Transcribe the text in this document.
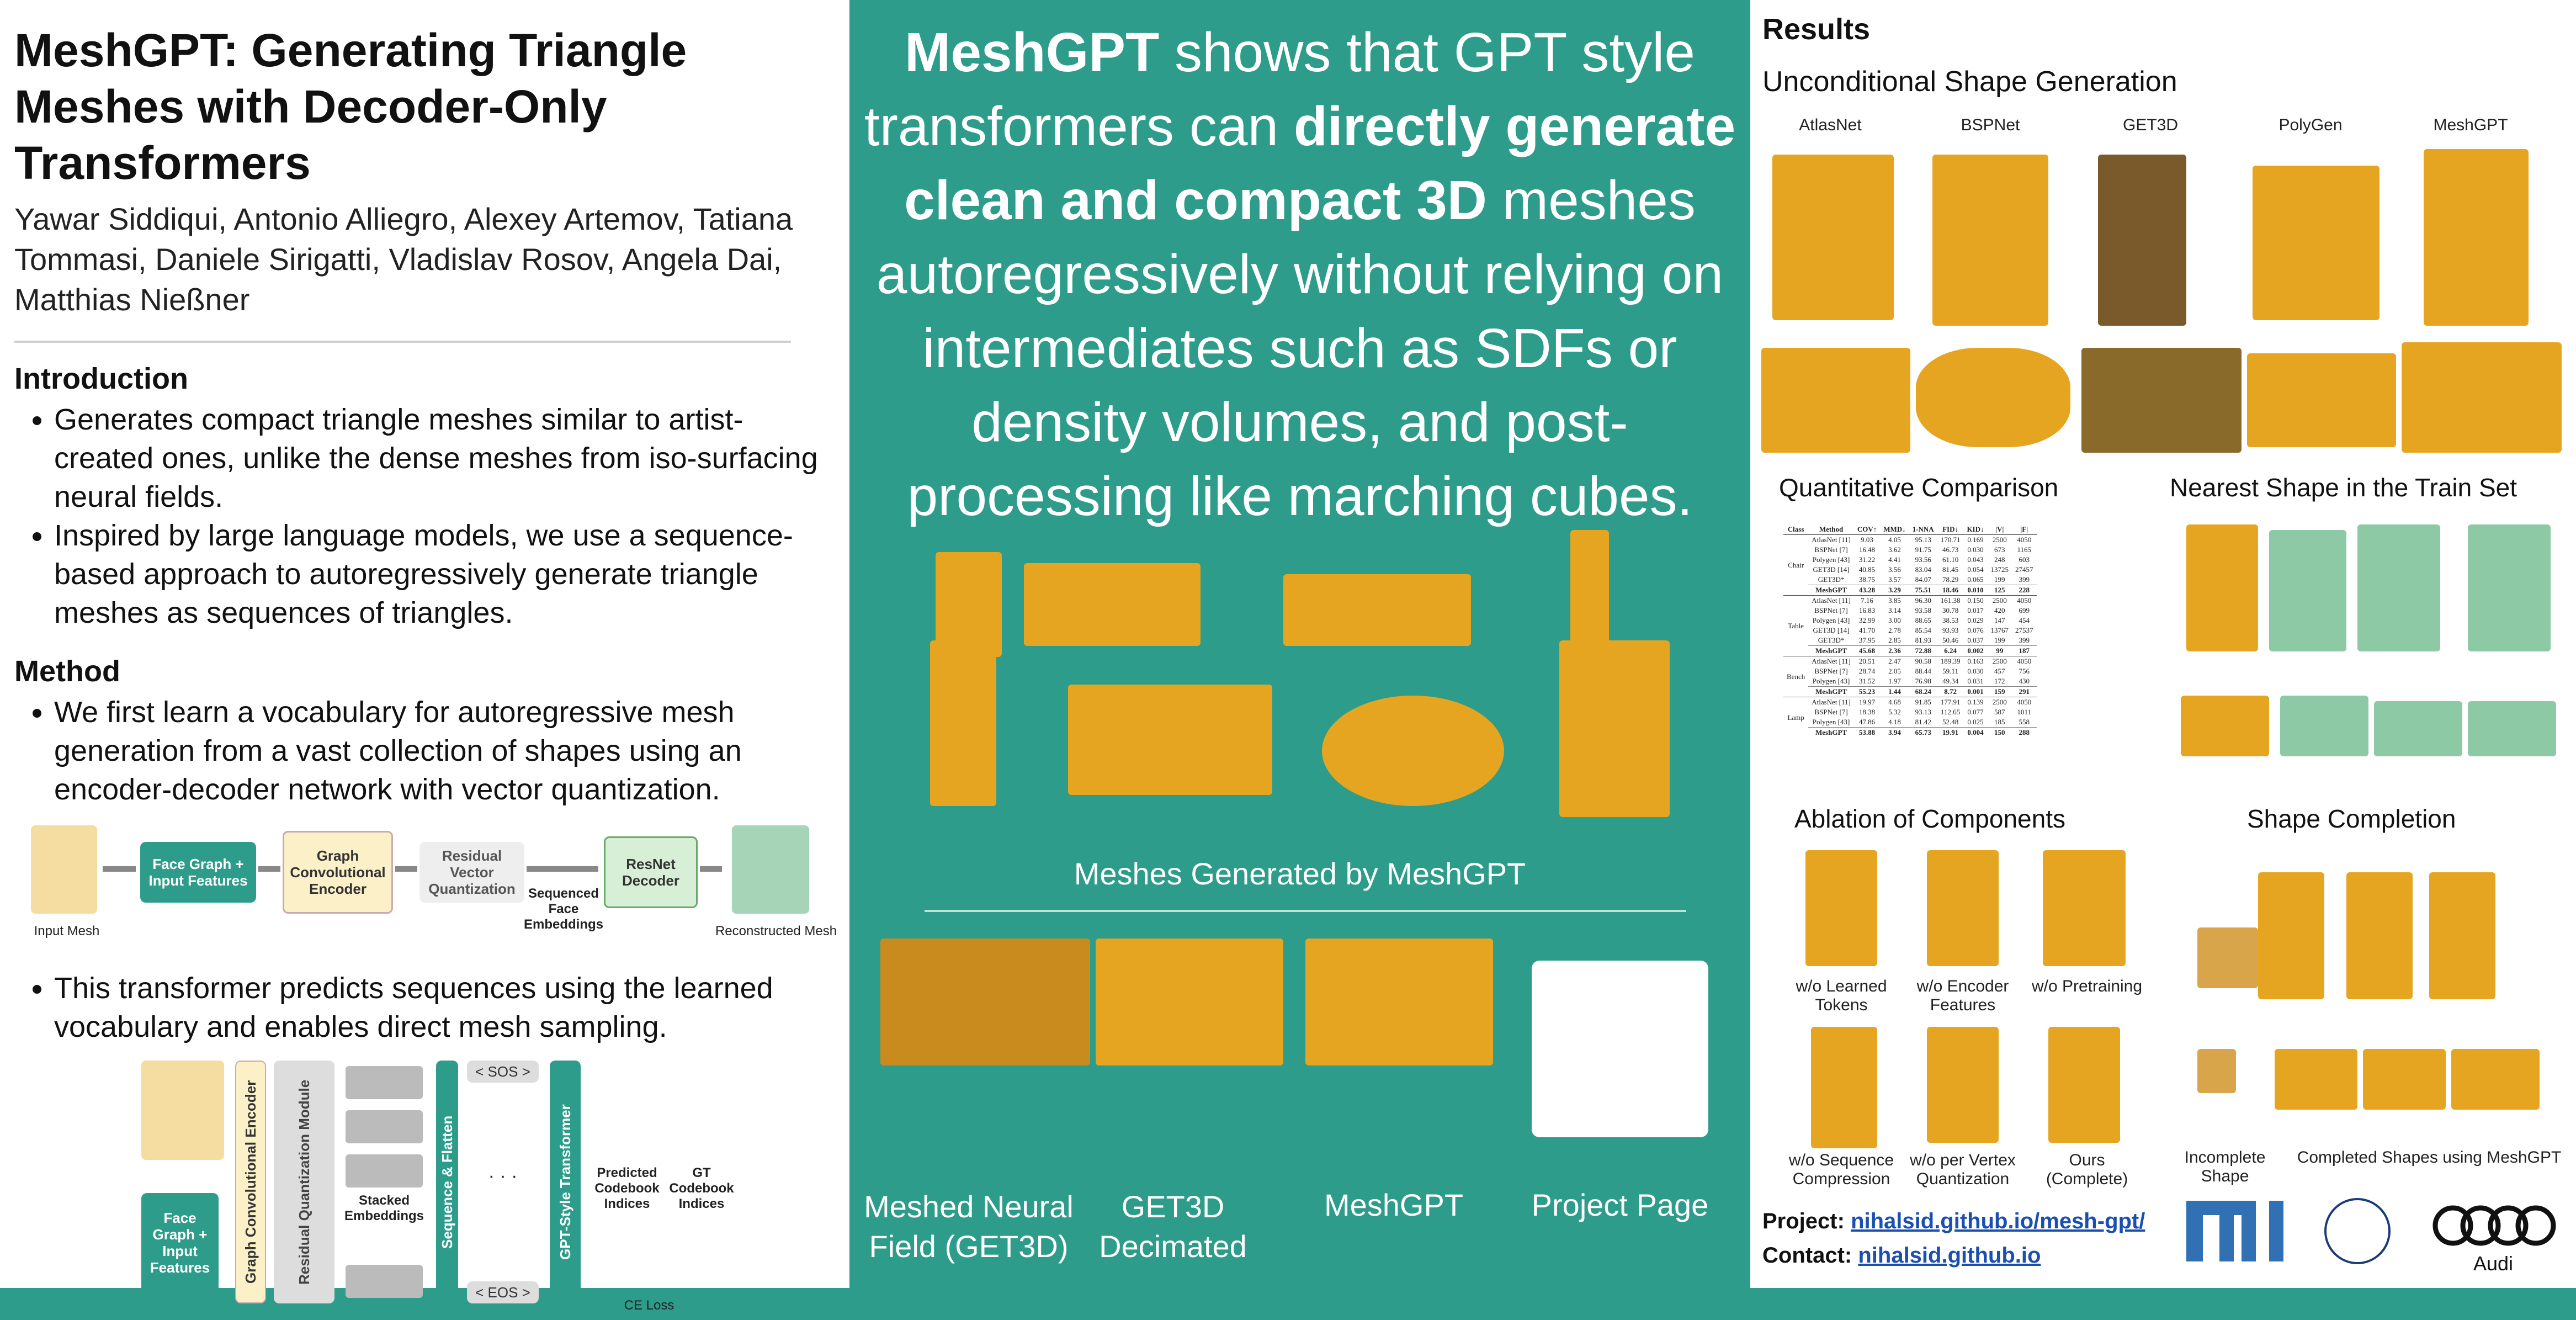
MeshGPT: Generating Triangle Meshes with Decoder-Only Transformers
Yawar Siddiqui, Antonio Alliegro, Alexey Artemov, Tatiana Tommasi, Daniele Sirigatti, Vladislav Rosov, Angela Dai, Matthias Nießner
Introduction
• Generates compact triangle meshes similar to artist-created ones, unlike the dense meshes from iso-surfacing neural fields.
• Inspired by large language models, we use a sequence-based approach to autoregressively generate triangle meshes as sequences of triangles.
Method
• We first learn a vocabulary for autoregressive mesh generation from a vast collection of shapes using an encoder-decoder network with vector quantization.
Input Mesh
Face Graph + Input Features
Graph Convolutional Encoder
Residual Vector Quantization Sequenced Face Embeddings
ResNet Decoder
Reconstructed Mesh
• This transformer predicts sequences using the learned vocabulary and enables direct mesh sampling.
Face Graph + Input Features	Graph Convolutional Encoder	Residual Quantization Module	Stacked Embeddings	Sequence & Flatten
< SOS >
· · ·
< EOS >
GPT-Style Transformer	Predicted Codebook Indices
GT Codebook Indices
CE Loss
MeshGPT shows that GPT style transformers can directly generate clean and compact 3D meshes autoregressively without relying on intermediates such as SDFs or density volumes, and post-processing like marching cubes.
Meshes Generated by MeshGPT
Meshed Neural Field (GET3D)
GET3D Decimated
MeshGPT	Project Page
Results
Unconditional Shape Generation
AtlasNet	BSPNet	GET3D	PolyGen	MeshGPT
Quantitative Comparison	Nearest Shape in the Train Set
Class	Method	COV↑	MMD↓	1-NNA	FID↓	KID↓	|V|	|F|
Chair	AtlasNet [11]	9.03	4.05	95.13	170.71	0.169	2500	4050
	BSPNet [7]	16.48	3.62	91.75	46.73	0.030	673	1165
	Polygen [43]	31.22	4.41	93.56	61.10	0.043	248	603
	GET3D [14]	40.85	3.56	83.04	81.45	0.054	13725	27457
	GET3D*	38.75	3.57	84.07	78.29	0.065	199	399
	MeshGPT	43.28	3.29	75.51	18.46	0.010	125	228
Table	AtlasNet [11]	7.16	3.85	96.30	161.38	0.150	2500	4050
	BSPNet [7]	16.83	3.14	93.58	30.78	0.017	420	699
	Polygen [43]	32.99	3.00	88.65	38.53	0.029	147	454
	GET3D [14]	41.70	2.78	85.54	93.93	0.076	13767	27537
	GET3D*	37.95	2.85	81.93	50.46	0.037	199	399
	MeshGPT	45.68	2.36	72.88	6.24	0.002	99	187
Bench	AtlasNet [11]	20.51	2.47	90.58	189.39	0.163	2500	4050
	BSPNet [7]	28.74	2.05	88.44	59.11	0.030	457	756
	Polygen [43]	31.52	1.97	76.98	49.34	0.031	172	430
	MeshGPT	55.23	1.44	68.24	8.72	0.001	159	291
Lamp	AtlasNet [11]	19.97	4.68	91.85	177.91	0.139	2500	4050
	BSPNet [7]	18.38	5.32	93.13	112.65	0.077	587	1011
	Polygen [43]	47.86	4.18	81.42	52.48	0.025	185	558
	MeshGPT	53.88	3.94	65.73	19.91	0.004	150	288
Ablation of Components	Shape Completion
w/o Learned Tokens
w/o Encoder Features
w/o Pretraining
w/o Sequence Compression
w/o per Vertex Quantization
Ours (Complete)
Incomplete Shape
Completed Shapes using MeshGPT
Project: nihalsid.github.io/mesh-gpt/
Contact: nihalsid.github.io	Audi
